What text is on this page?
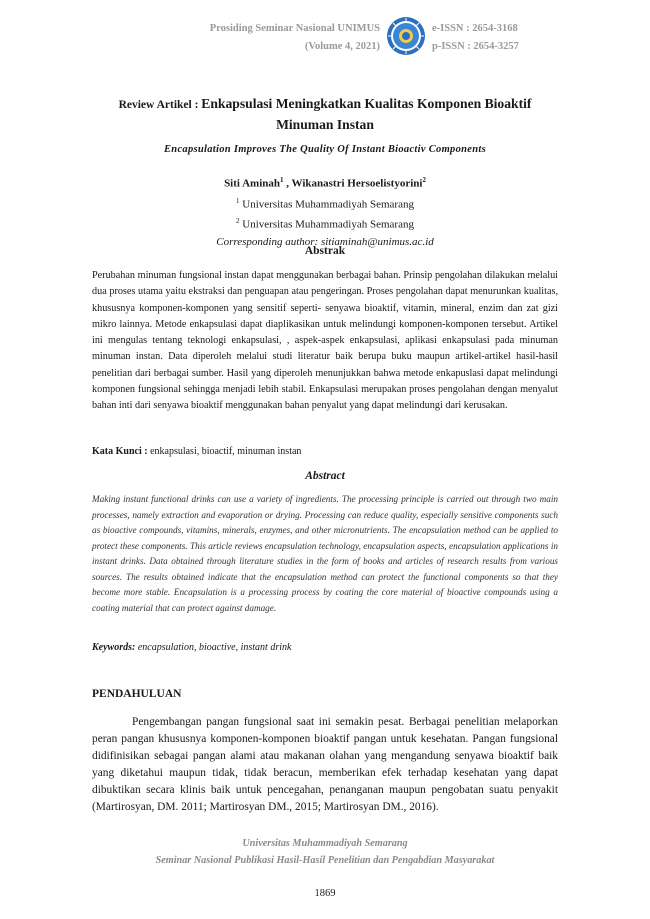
Prosiding Seminar Nasional UNIMUS
(Volume 4, 2021)
e-ISSN : 2654-3168
p-ISSN : 2654-3257
Review Artikel : Enkapsulasi Meningkatkan Kualitas Komponen Bioaktif Minuman Instan
Encapsulation Improves The Quality Of Instant Bioactiv Components
Siti Aminah$^1$ , Wikanastri Hersoelistyorini$^2$
$^1$ Universitas Muhammadiyah Semarang
$^2$ Universitas Muhammadiyah Semarang
Corresponding author: sitiaminah@unimus.ac.id
Abstrak
Perubahan minuman fungsional instan dapat menggunakan berbagai bahan. Prinsip pengolahan dilakukan melalui dua proses utama yaitu ekstraksi dan penguapan atau pengeringan. Proses pengolahan dapat menurunkan kualitas, khususnya komponen-komponen yang sensitif seperti- senyawa bioaktif, vitamin, mineral, enzim dan zat gizi mikro lainnya. Metode enkapsulasi dapat diaplikasikan untuk melindungi komponen-komponen tersebut. Artikel ini mengulas tentang teknologi enkapsulasi, , aspek-aspek enkapsulasi, aplikasi enkapsulasi pada minuman minuman instan. Data diperoleh melalui studi literatur baik berupa buku maupun artikel-artikel hasil-hasil penelitian dari berbagai sumber. Hasil yang diperoleh menunjukkan bahwa metode enkapuslasi dapat melindungi komponen fungsional sehingga menjadi lebih stabil. Enkapsulasi merupakan proses pengolahan dengan menyalut bahan inti dari senyawa bioaktif menggunakan bahan penyalut yang dapat melindungi dari kerusakan.
Kata Kunci : enkapsulasi, bioactif, minuman instan
Abstract
Making instant functional drinks can use a variety of ingredients. The processing principle is carried out through two main processes, namely extraction and evaporation or drying. Processing can reduce quality, especially sensitive components such as bioactive compounds, vitamins, minerals, enzymes, and other micronutrients. The encapsulation method can be applied to protect these components. This article reviews encapsulation technology, encapsulation aspects, encapsulation applications in instant drinks. Data obtained through literature studies in the form of books and articles of research results from various sources. The results obtained indicate that the encapsulation method can protect the functional components so that they become more stable. Encapsulation is a processing process by coating the core material of bioactive compounds using a coating material that can protect against damage.
Keywords: encapsulation, bioactive, instant drink
PENDAHULUAN
Pengembangan pangan fungsional saat ini semakin pesat. Berbagai penelitian melaporkan peran pangan khususnya komponen-komponen bioaktif pangan untuk kesehatan. Pangan fungsional didifinisikan sebagai pangan alami atau makanan olahan yang mengandung senyawa bioaktif baik yang diketahui maupun tidak, tidak beracun, memberikan efek terhadap kesehatan yang dapat dibuktikan secara klinis baik untuk pencegahan, penanganan maupun pengobatan suatu penyakit (Martirosyan, DM. 2011; Martirosyan DM., 2015; Martirosyan DM., 2016).
Universitas Muhammadiyah Semarang
Seminar Nasional Publikasi Hasil-Hasil Penelitian dan Pengabdian Masyarakat
1869
